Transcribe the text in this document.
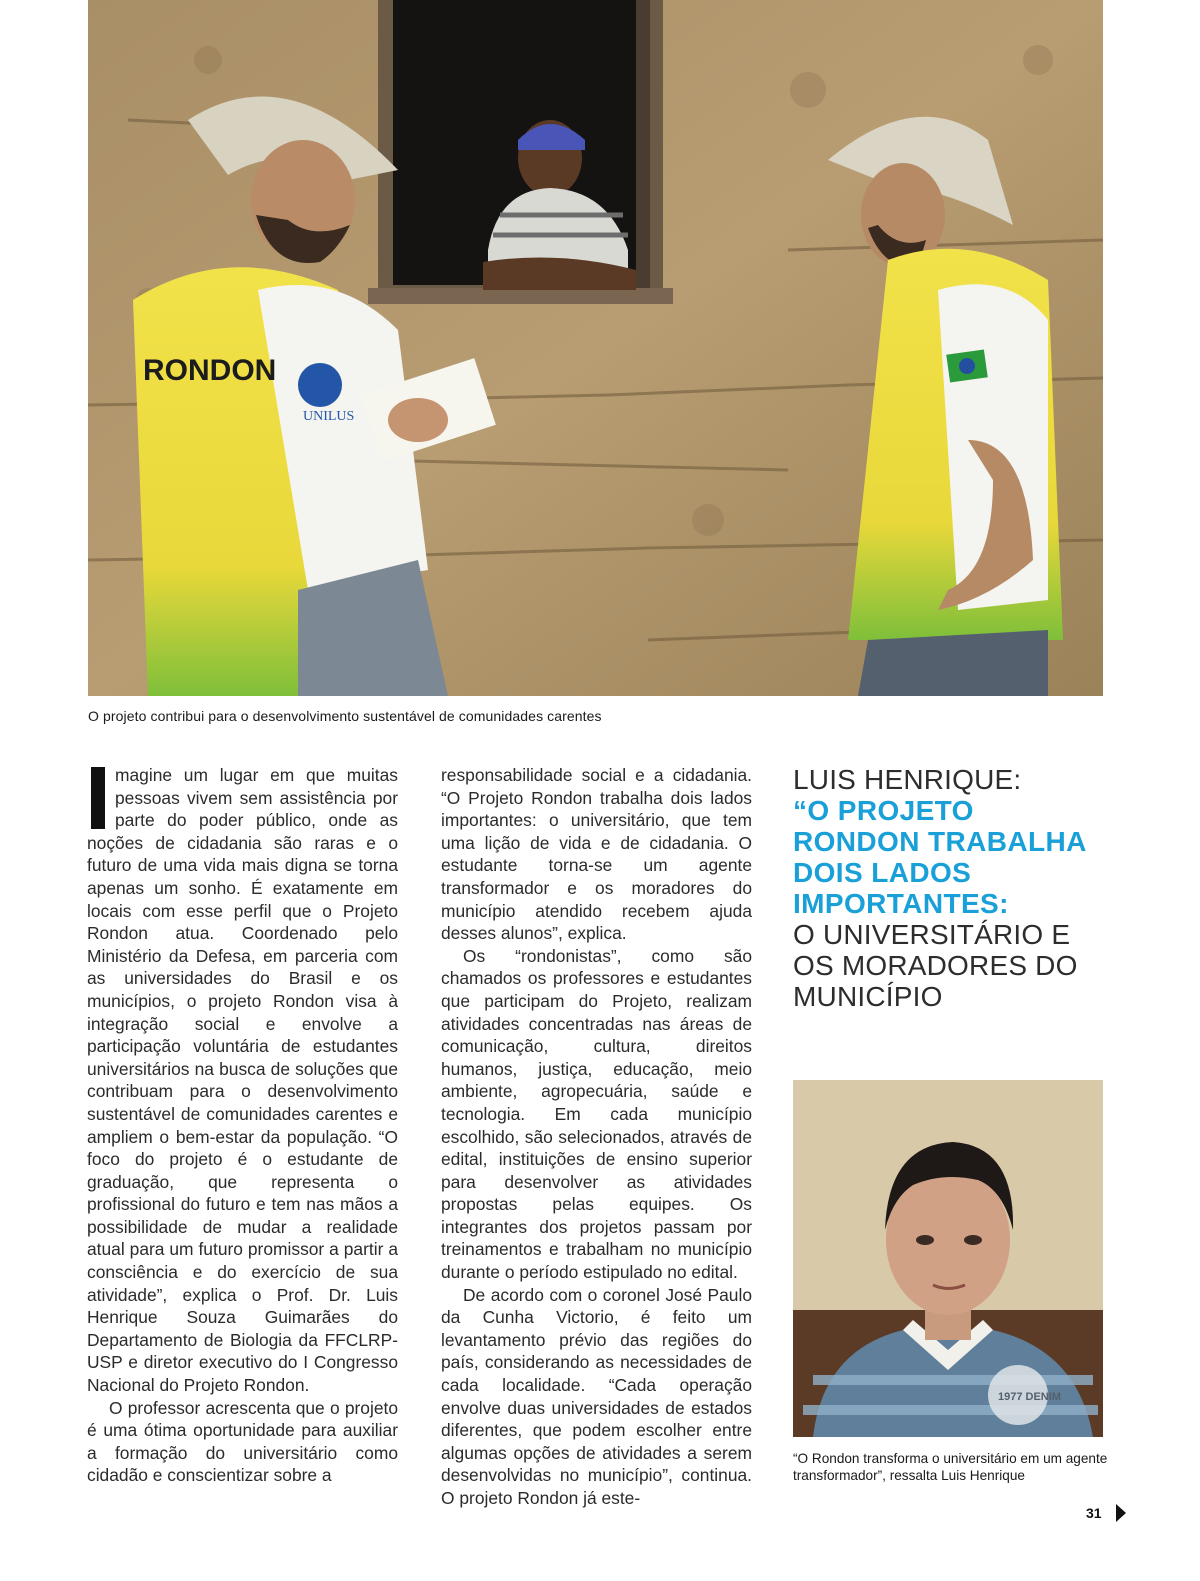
RONDON
UNILUS
O projeto contribui para o desenvolvimento sustentável de comunidades carentes

magine um lugar em que muitas pessoas vivem sem assistência por parte do poder público, onde as noções de cidadania são raras e o futuro de uma vida mais digna se torna apenas um sonho. É exatamente em locais com esse perfil que o Projeto Rondon atua. Coordenado pelo Ministério da Defesa, em parceria com as universidades do Brasil e os municípios, o projeto Rondon visa à integração social e envolve a participação voluntária de estudantes universitários na busca de soluções que contribuam para o desenvolvimento sustentável de comunidades carentes e ampliem o bem-estar da população. “O foco do projeto é o estudante de graduação, que representa o profissional do futuro e tem nas mãos a possibilidade de mudar a realidade atual para um futuro promissor a partir a consciência e do exercício de sua atividade”, explica o Prof. Dr. Luis Henrique Souza Guimarães do Departamento de Biologia da FFCLRP-USP e diretor executivo do I Congresso Nacional do Projeto Rondon.

O professor acrescenta que o projeto é uma ótima oportunidade para auxiliar a formação do universitário como cidadão e conscientizar sobre a

responsabilidade social e a cidadania. “O Projeto Rondon trabalha dois lados importantes: o universitário, que tem uma lição de vida e de cidadania. O estudante torna-se um agente transformador e os moradores do município atendido recebem ajuda desses alunos”, explica.

Os “rondonistas”, como são chamados os professores e estudantes que participam do Projeto, realizam atividades concentradas nas áreas de comunicação, cultura, direitos humanos, justiça, educação, meio ambiente, agropecuária, saúde e tecnologia. Em cada município escolhido, são selecionados, através de edital, instituições de ensino superior para desenvolver as atividades propostas pelas equipes. Os integrantes dos projetos passam por treinamentos e trabalham no município durante o período estipulado no edital.

De acordo com o coronel José Paulo da Cunha Victorio, é feito um levantamento prévio das regiões do país, considerando as necessidades de cada localidade. “Cada operação envolve duas universidades de estados diferentes, que podem escolher entre algumas opções de atividades a serem desenvolvidas no município”, continua. O projeto Rondon já este-

LUIS HENRIQUE:
“O PROJETO RONDON TRABALHA DOIS LADOS IMPORTANTES:
O UNIVERSITÁRIO E OS MORADORES DO MUNICÍPIO
1977 DENIM
“O Rondon transforma o universitário em um agente transformador”, ressalta Luis Henrique
31
